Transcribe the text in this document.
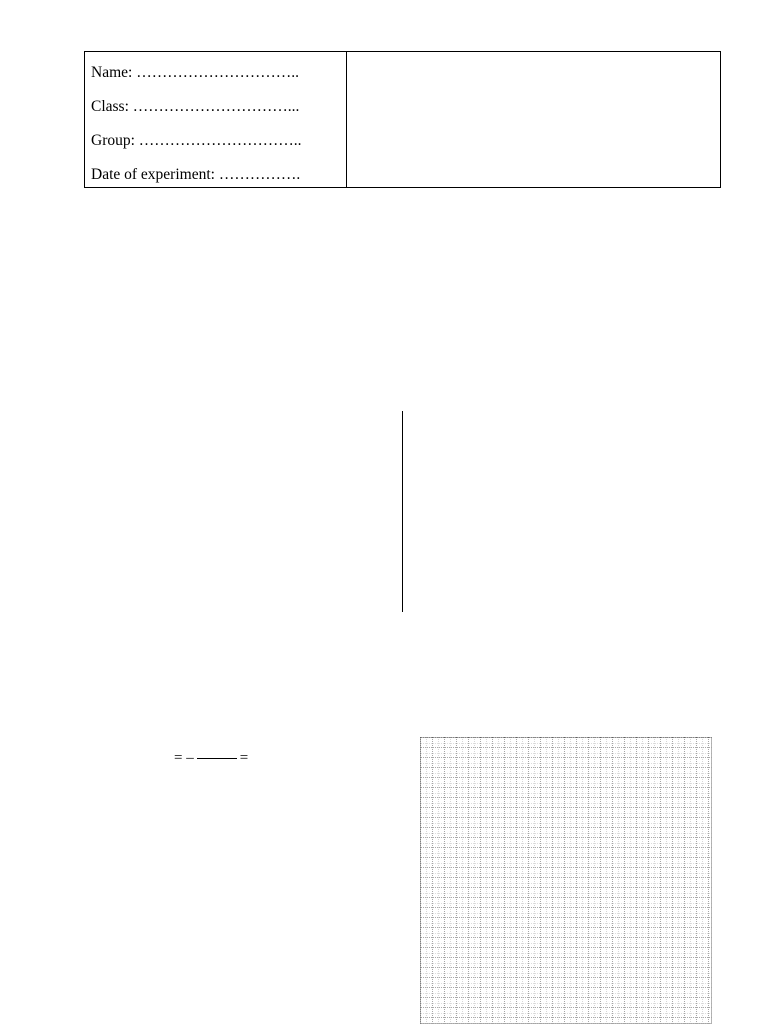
Name: …………………………..
Class: …………………………...
Group: …………………………..
Date of experiment: …………….
= –	=
